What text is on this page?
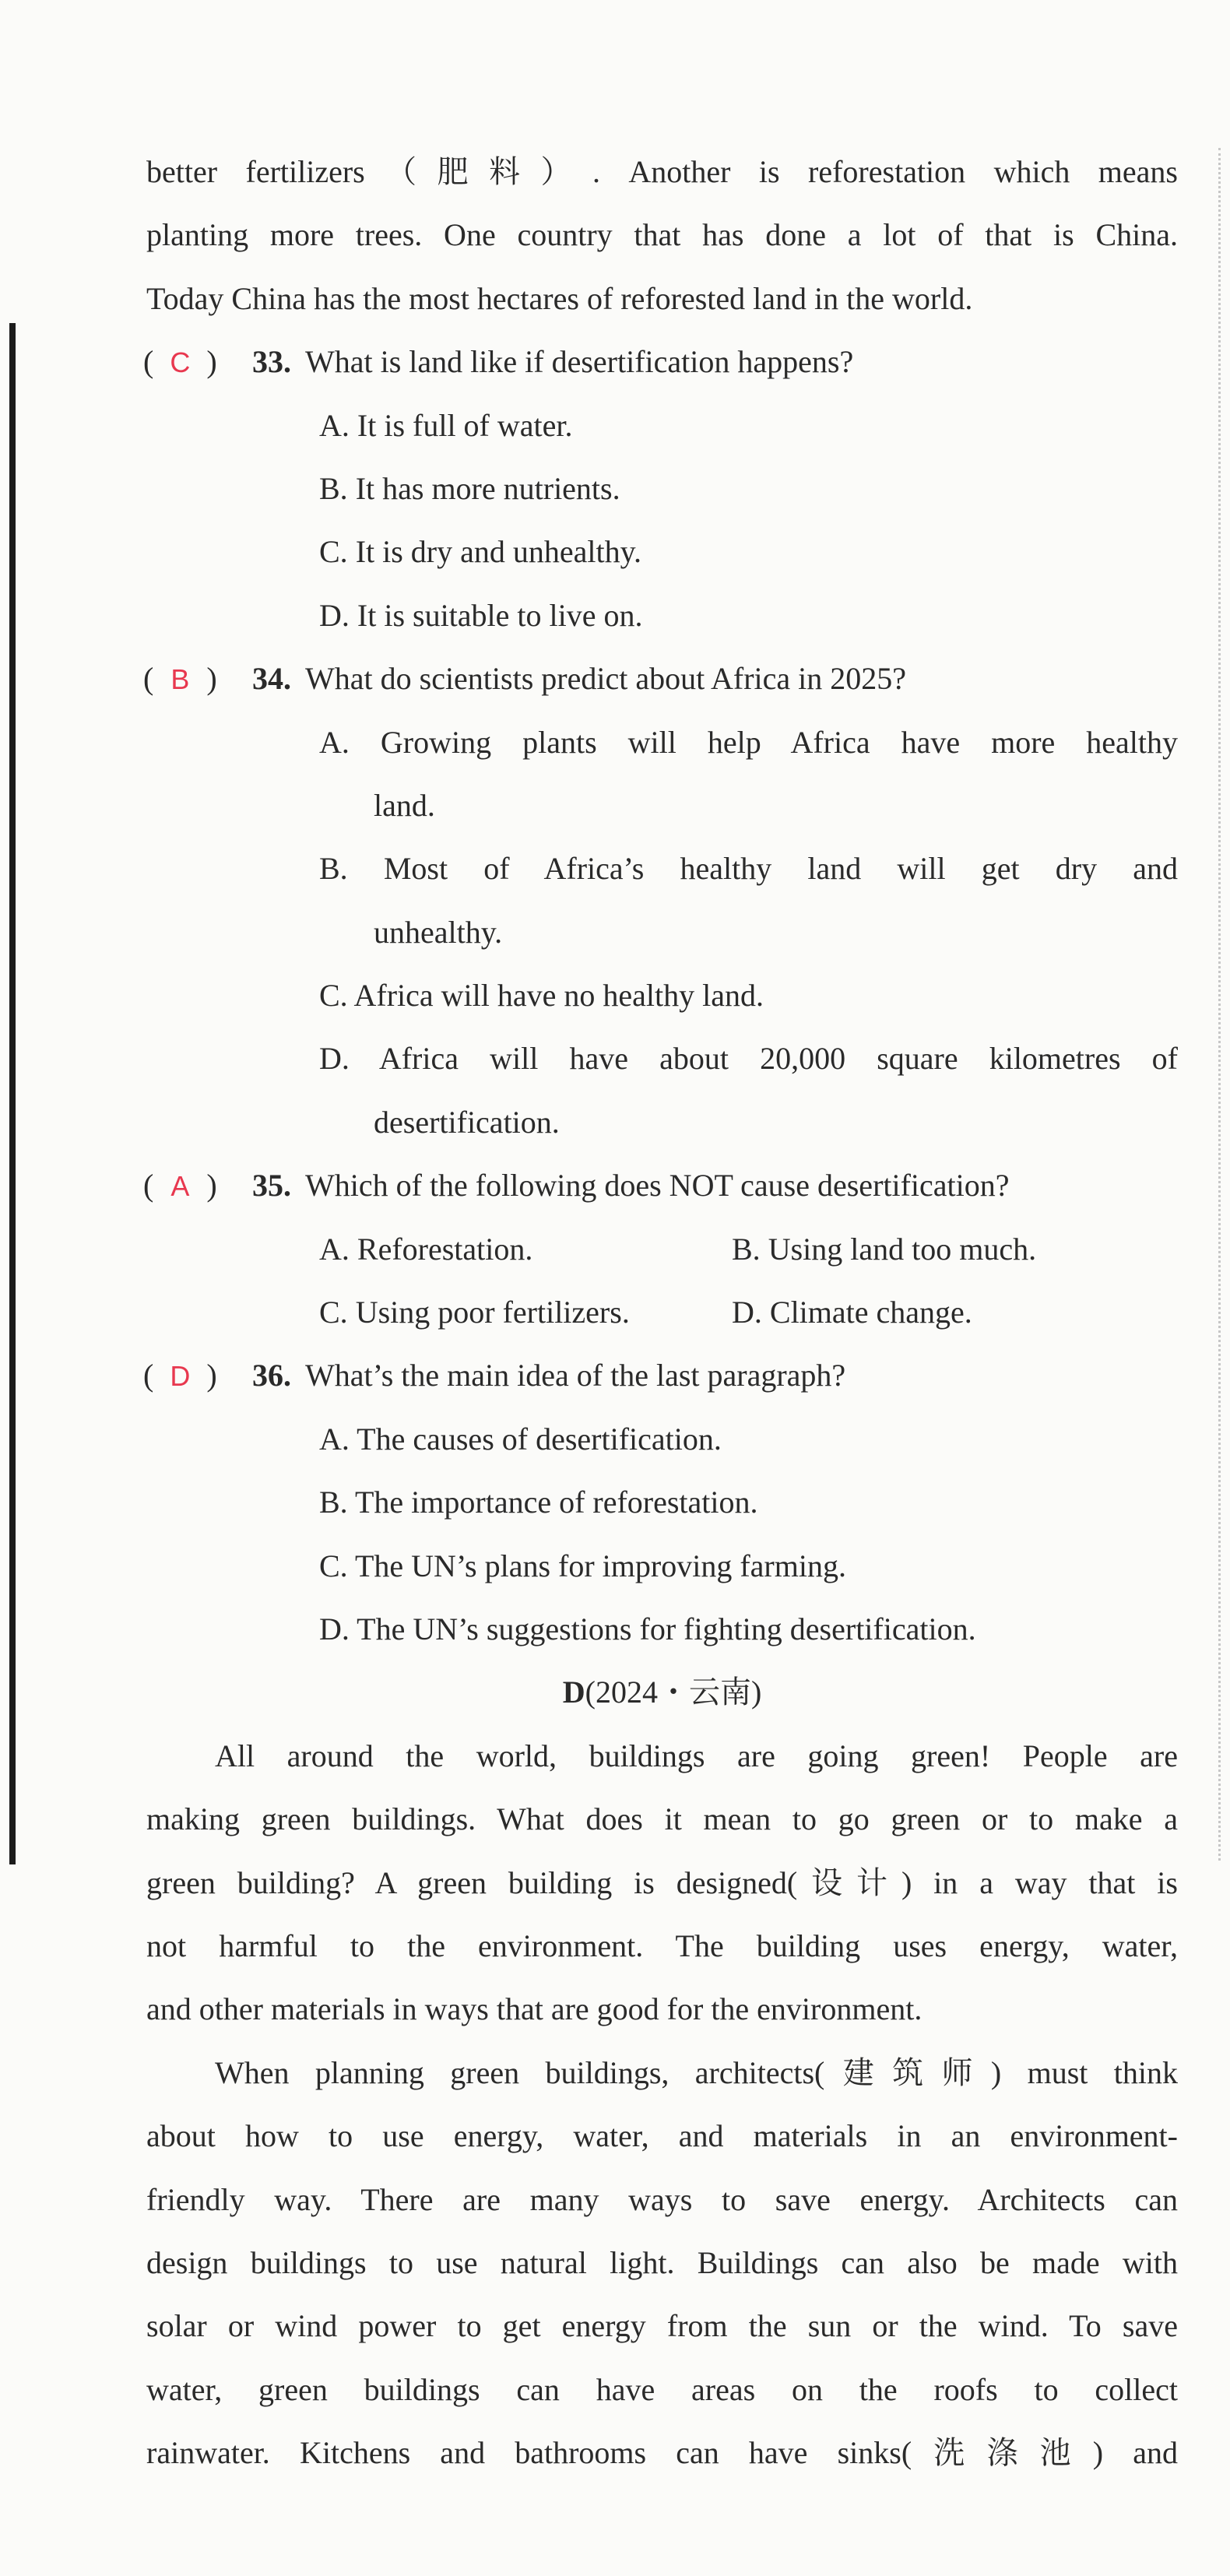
better fertilizers（肥料）. Another is reforestation which means
planting more trees. One country that has done a lot of that is China.
Today China has the most hectares of reforested land in the world.
( C )	33. What is land like if desertification happens?
A. It is full of water.
B. It has more nutrients.
C. It is dry and unhealthy.
D. It is suitable to live on.
( B )	34. What do scientists predict about Africa in 2025?
A. Growing plants will help Africa have more healthy
land.
B. Most of Africa’s healthy land will get dry and
unhealthy.
C. Africa will have no healthy land.
D. Africa will have about 20,000 square kilometres of
desertification.
( A )	35. Which of the following does NOT cause desertification?
A. Reforestation.	B. Using land too much.
C. Using poor fertilizers.	D. Climate change.
( D )	36. What’s the main idea of the last paragraph?
A. The causes of desertification.
B. The importance of reforestation.
C. The UN’s plans for improving farming.
D. The UN’s suggestions for fighting desertification.
D(2024・云南)
All around the world, buildings are going green! People are
making green buildings. What does it mean to go green or to make a
green building? A green building is designed(设计) in a way that is
not harmful to the environment. The building uses energy, water,
and other materials in ways that are good for the environment.
When planning green buildings, architects(建筑师) must think
about how to use energy, water, and materials in an environment-
friendly way. There are many ways to save energy. Architects can
design buildings to use natural light. Buildings can also be made with
solar or wind power to get energy from the sun or the wind. To save
water, green buildings can have areas on the roofs to collect
rainwater. Kitchens and bathrooms can have sinks(洗涤池) and
